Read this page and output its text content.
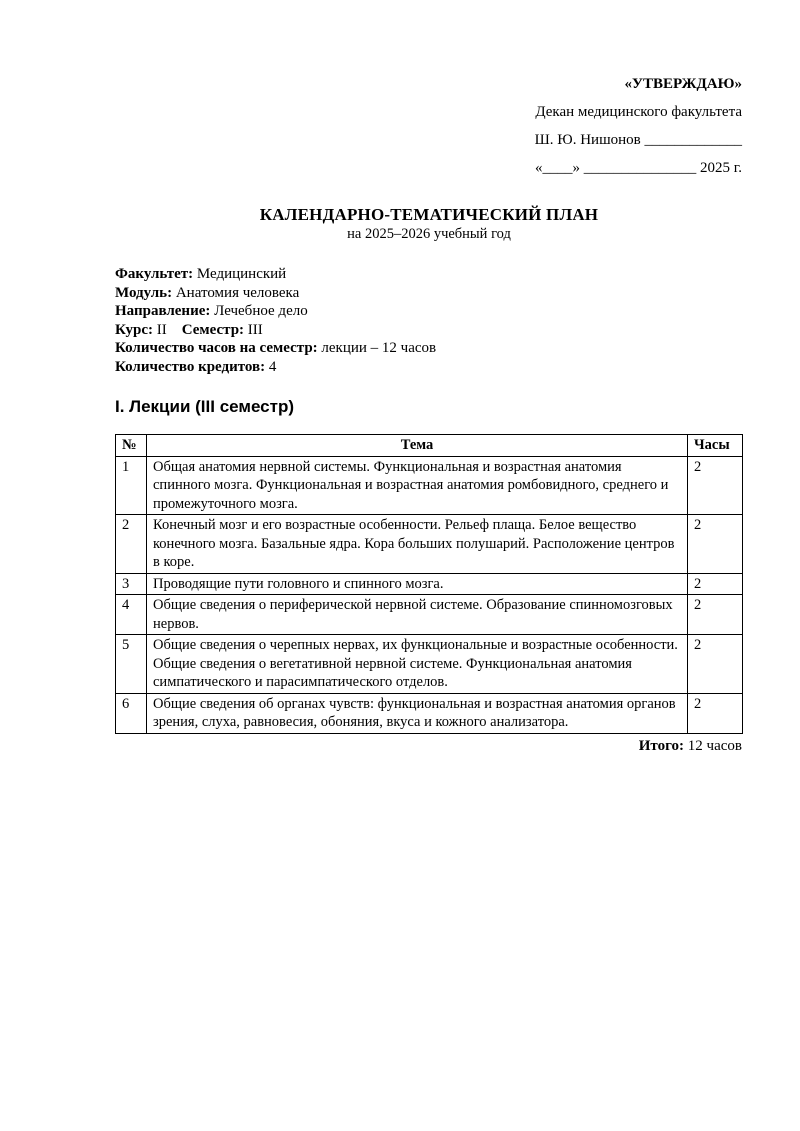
«УТВЕРЖДАЮ»
Декан медицинского факультета
Ш. Ю. Нишонов _____________
«____» _______________ 2025 г.
КАЛЕНДАРНО-ТЕМАТИЧЕСКИЙ ПЛАН
на 2025–2026 учебный год
Факультет: Медицинский
Модуль: Анатомия человека
Направление: Лечебное дело
Курс: II Семестр: III
Количество часов на семестр: лекции – 12 часов
Количество кредитов: 4
I. Лекции (III семестр)
№	Тема	Часы
1	Общая анатомия нервной системы. Функциональная и возрастная анатомия спинного мозга. Функциональная и возрастная анатомия ромбовидного, среднего и промежуточного мозга.	2
2	Конечный мозг и его возрастные особенности. Рельеф плаща. Белое вещество конечного мозга. Базальные ядра. Кора больших полушарий. Расположение центров в коре.	2
3	Проводящие пути головного и спинного мозга.	2
4	Общие сведения о периферической нервной системе. Образование спинномозговых нервов.	2
5	Общие сведения о черепных нервах, их функциональные и возрастные особенности. Общие сведения о вегетативной нервной системе. Функциональная анатомия симпатического и парасимпатического отделов.	2
6	Общие сведения об органах чувств: функциональная и возрастная анатомия органов зрения, слуха, равновесия, обоняния, вкуса и кожного анализатора.	2
Итого: 12 часов
